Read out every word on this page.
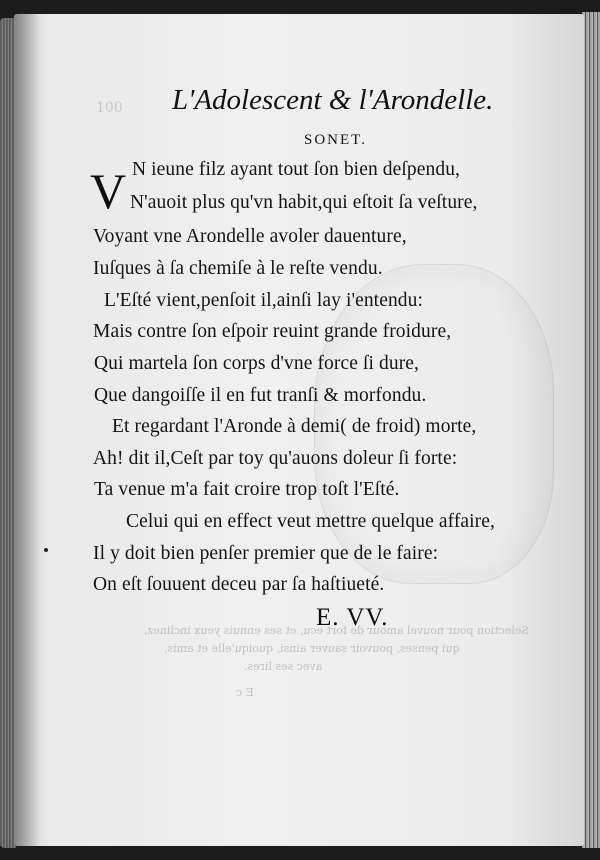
100
Selection pour nouvel amour de fort ecu, et ses ennuis yeux inclinez,
qui penses, pouvoir sauver ainsi, quoiqu'elle et amis,
avec ses lires.
E c
L'Adolescent & l'Arondelle.
SONET.
V N ieune filz ayant tout ſon bien deſpendu,
N'auoit plus qu'vn habit,qui eſtoit ſa veſture,
Voyant vne Arondelle avoler dauenture,
Iuſques à ſa chemiſe à le reſte vendu.
L'Eſté vient,penſoit il,ainſi lay i'entendu:
Mais contre ſon eſpoir reuint grande froidure,
Qui martela ſon corps d'vne force ſi dure,
Que dangoiſſe il en fut tranſi & morfondu.
Et regardant l'Aronde à demi( de froid) morte,
Ah! dit il,Ceſt par toy qu'auons doleur ſi forte:
Ta venue m'a fait croire trop toſt l'Eſté.
Celui qui en effect veut mettre quelque affaire,
Il y doit bien penſer premier que de le faire:
On eſt ſouuent deceu par ſa haſtiueté.
E. VV.
